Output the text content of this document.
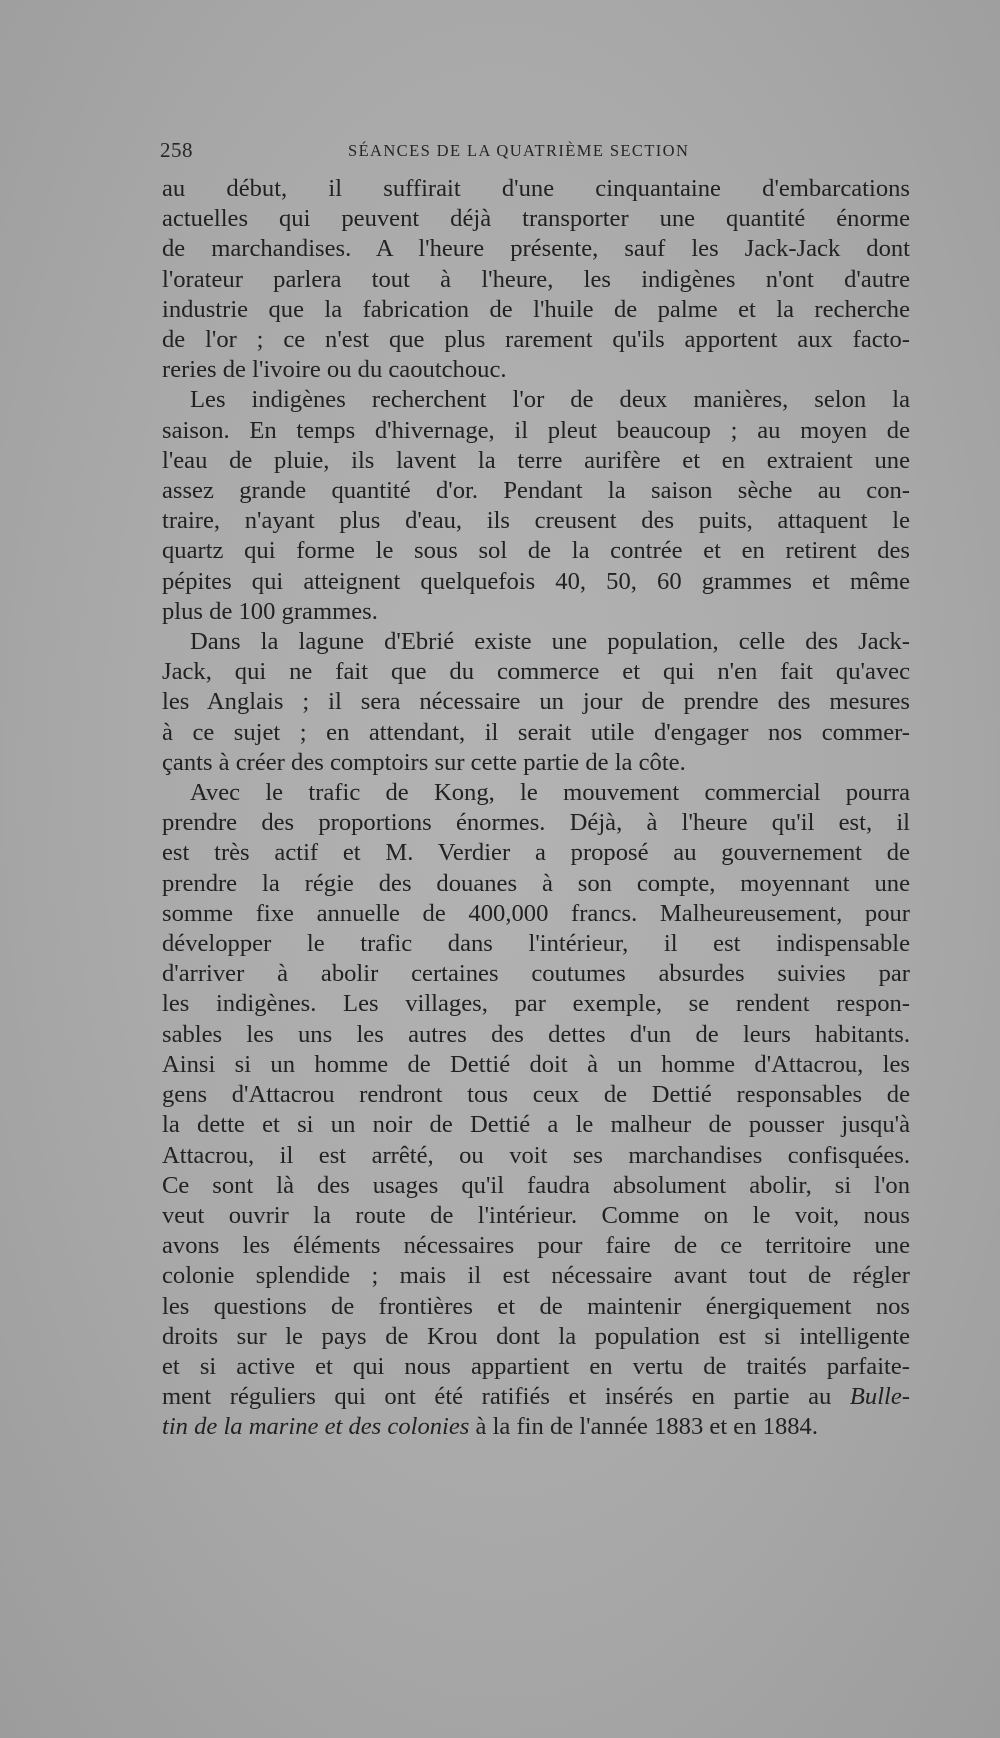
258	SÉANCES DE LA QUATRIÈME SECTION
au début, il suffirait d'une cinquantaine d'embarcations
actuelles qui peuvent déjà transporter une quantité énorme
de marchandises. A l'heure présente, sauf les Jack-Jack dont
l'orateur parlera tout à l'heure, les indigènes n'ont d'autre
industrie que la fabrication de l'huile de palme et la recherche
de l'or ; ce n'est que plus rarement qu'ils apportent aux facto-
reries de l'ivoire ou du caoutchouc.
Les indigènes recherchent l'or de deux manières, selon la
saison. En temps d'hivernage, il pleut beaucoup ; au moyen de
l'eau de pluie, ils lavent la terre aurifère et en extraient une
assez grande quantité d'or. Pendant la saison sèche au con-
traire, n'ayant plus d'eau, ils creusent des puits, attaquent le
quartz qui forme le sous sol de la contrée et en retirent des
pépites qui atteignent quelquefois 40, 50, 60 grammes et même
plus de 100 grammes.
Dans la lagune d'Ebrié existe une population, celle des Jack-
Jack, qui ne fait que du commerce et qui n'en fait qu'avec
les Anglais ; il sera nécessaire un jour de prendre des mesures
à ce sujet ; en attendant, il serait utile d'engager nos commer-
çants à créer des comptoirs sur cette partie de la côte.
Avec le trafic de Kong, le mouvement commercial pourra
prendre des proportions énormes. Déjà, à l'heure qu'il est, il
est très actif et M. Verdier a proposé au gouvernement de
prendre la régie des douanes à son compte, moyennant une
somme fixe annuelle de 400,000 francs. Malheureusement, pour
développer le trafic dans l'intérieur, il est indispensable
d'arriver à abolir certaines coutumes absurdes suivies par
les indigènes. Les villages, par exemple, se rendent respon-
sables les uns les autres des dettes d'un de leurs habitants.
Ainsi si un homme de Dettié doit à un homme d'Attacrou, les
gens d'Attacrou rendront tous ceux de Dettié responsables de
la dette et si un noir de Dettié a le malheur de pousser jusqu'à
Attacrou, il est arrêté, ou voit ses marchandises confisquées.
Ce sont là des usages qu'il faudra absolument abolir, si l'on
veut ouvrir la route de l'intérieur. Comme on le voit, nous
avons les éléments nécessaires pour faire de ce territoire une
colonie splendide ; mais il est nécessaire avant tout de régler
les questions de frontières et de maintenir énergiquement nos
droits sur le pays de Krou dont la population est si intelligente
et si active et qui nous appartient en vertu de traités parfaite-
ment réguliers qui ont été ratifiés et insérés en partie au Bulle-
tin de la marine et des colonies à la fin de l'année 1883 et en 1884.
